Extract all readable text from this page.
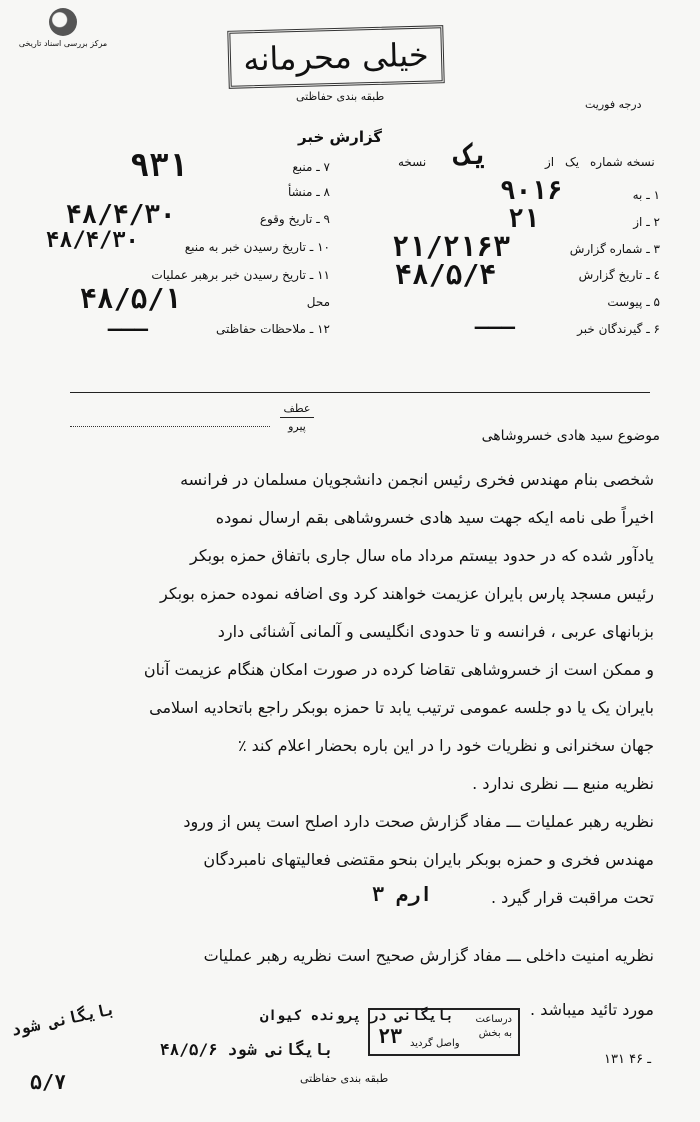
مرکز بررسی اسناد تاریخی	خیلی محرمانه
طبقه بندی حفاظتی
درجه فوریت
گزارش خبر
نسخه شماره
یک
از
یک
نسخه
۱ ـ به
۹۰۱۶
۲ ـ از
۲۱
۳ ـ شماره گزارش
۲۱/۲۱۶۳
٤ ـ تاریخ گزارش
۴۸/۵/۴
۵ ـ پیوست
۶ ـ گیرندگان خبر
ـــ
۷ ـ منبع
۹۳۱
۸ ـ منشأ
۹ ـ تاریخ وقوع
۴۸/۴/۳۰
۱۰ ـ تاریخ رسیدن خبر به منبع
۴۸/۴/۳۰
۱۱ ـ تاریخ رسیدن خبر برهبر عملیات
محل
۴۸/۵/۱
۱۲ ـ ملاحظات حفاظتی
ـــ
عطف
پیرو
موضوع سید هادی خسروشاهی
شخصی بنام مهندس فخری رئیس انجمن دانشجویان مسلمان در فرانسه
اخیراً طی نامه ایکه جهت سید هادی خسروشاهی بقم ارسال نموده
یادآور شده که در حدود بیستم مرداد ماه سال جاری باتفاق حمزه بوبکر
رئیس مسجد پارس بایران عزیمت خواهند کرد وی اضافه نموده حمزه بوبکر
بزبانهای عربی ، فرانسه و تا حدودی انگلیسی و آلمانی آشنائی دارد
و ممکن است از خسروشاهی تقاضا کرده در صورت امکان هنگام عزیمت آنان
بایران یک یا دو جلسه عمومی ترتیب یابد تا حمزه بوبکر راجع باتحادیه اسلامی
جهان سخنرانی و نظریات خود را در این باره بحضار اعلام کند ٪
نظریه منبع ـــ نظری ندارد .
نظریه رهبر عملیات ـــ مفاد گزارش صحت دارد اصلح است پس از ورود
مهندس فخری و حمزه بوبکر بایران بنحو مقتضی فعالیتهای نامبردگان
تحت مراقبت قرار گیرد .
نظریه امنیت داخلی ـــ مفاد گزارش صحیح است نظریه رهبر عملیات
مورد تائید میباشد .
ارم ۳
درساعت
به بخش
واصل گردید
۲۳
بایگانی شود ۴۸/۵/۶
بایگانی در پرونده کیوان
بایگانی شود
۵/۷	طبقه بندی حفاظتی
۱۳۱ ـ ۴۶
